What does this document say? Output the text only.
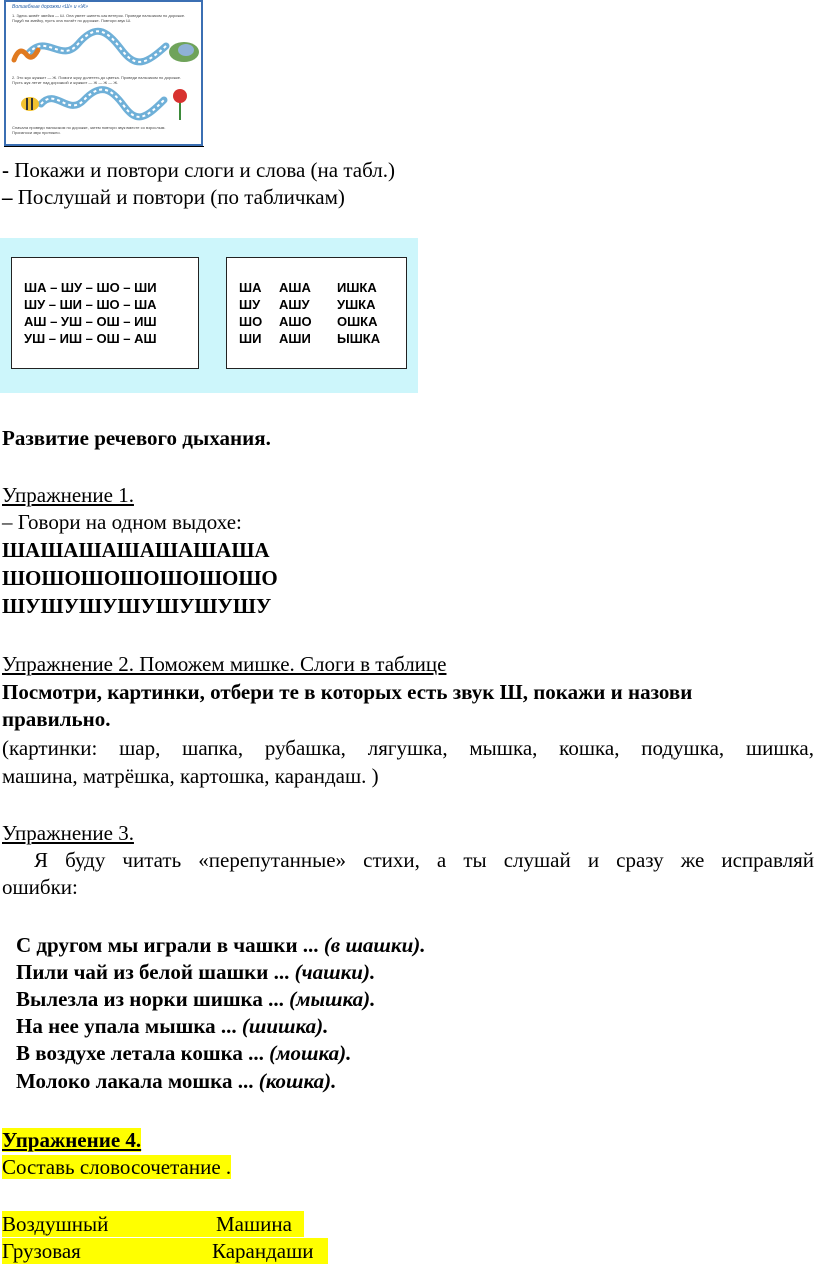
Волшебные дорожки «Ш» и «Ж»
1. Здесь живёт змейка — Ш. Она умеет шипеть как ветерок. Проведи пальчиком по дорожке.
Подуй на змейку, пусть она ползёт по дорожке. Повтори звук Ш.
2. Это жук жужжит — Ж. Помоги жуку долететь до цветка. Проведи пальчиком по дорожке.
Пусть жук летит над дорожкой и жужжит — Ж — Ж — Ж.
Сначала проведи пальчиком по дорожке, затем повтори звук вместе со взрослым.
Произноси звук протяжно.
- Покажи и повтори слоги и слова (на табл.)
– Послушай и повтори (по табличкам)
ША – ШУ – ШО – ШИ
ШУ – ШИ – ШО – ША
АШ – УШ – ОШ – ИШ
УШ – ИШ – ОШ – АШ
ША АША ИШКА
ШУ АШУ УШКА
ШО АШО ОШКА
ШИ АШИ ЫШКА
Развитие речевого дыхания.
Упражнение 1.
– Говори на одном выдохе:
ШАШАШАШАШАШАША
ШОШОШОШОШОШОШО
ШУШУШУШУШУШУШУ
Упражнение 2. Поможем мишке. Слоги в таблице
Посмотри, картинки, отбери те в которых есть звук Ш, покажи и назови
правильно.
(картинки: шар, шапка, рубашка, лягушка, мышка, кошка, подушка, шишка,
машина, матрёшка, картошка, карандаш. )
Упражнение 3.
Я буду читать «перепутанные» стихи, а ты слушай и сразу же исправляй
ошибки:
С другом мы играли в чашки ... (в шашки).
Пили чай из белой шашки ... (чашки).
Вылезла из норки шишка ... (мышка).
На нее упала мышка ... (шишка).
В воздухе летала кошка ... (мошка).
Молоко лакала мошка ... (кошка).
Упражнение 4.
Составь словосочетание .
Воздушный	Машина
Грузовая	Карандаши
